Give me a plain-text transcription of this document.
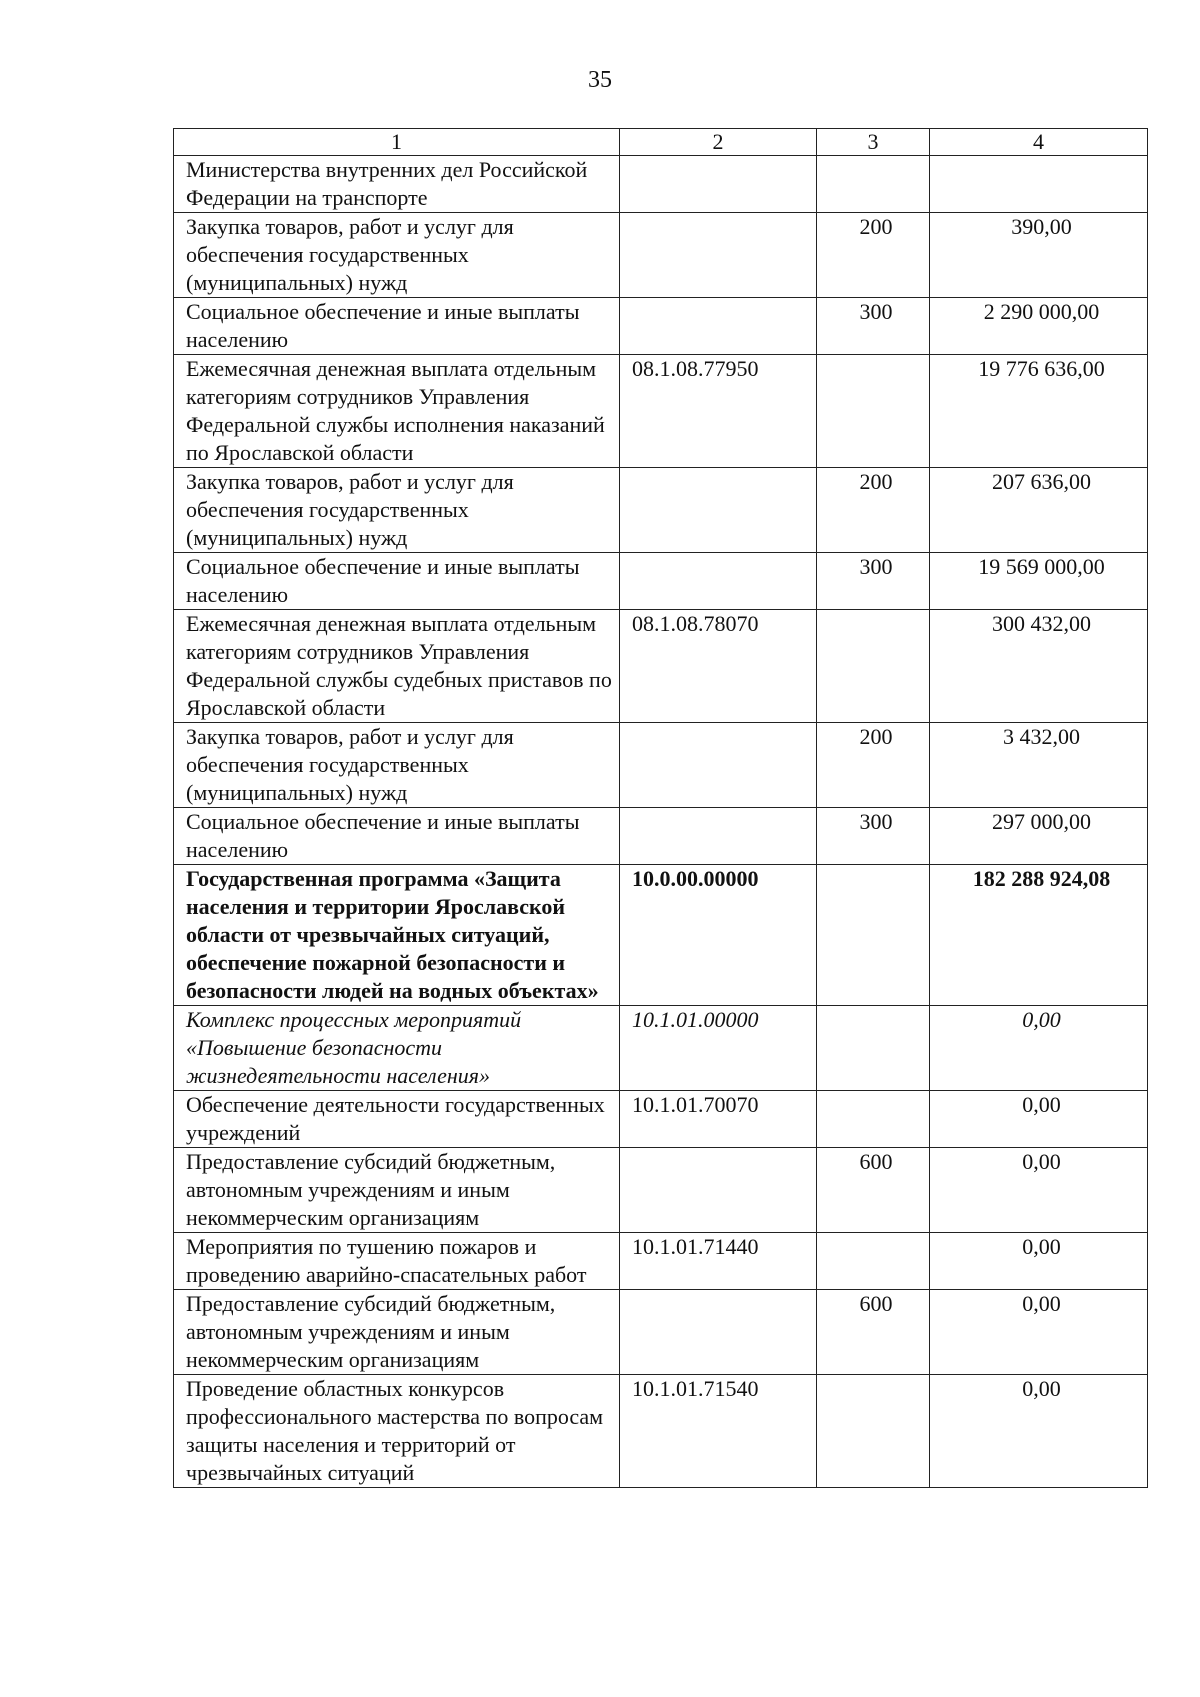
35
1	2	3	4
Министерства внутренних дел Российской Федерации на транспорте			
Закупка товаров, работ и услуг для обеспечения государственных (муниципальных) нужд		200	390,00
Социальное обеспечение и иные выплаты населению		300	2 290 000,00
Ежемесячная денежная выплата отдельным категориям сотрудников Управления Федеральной службы исполнения наказаний по Ярославской области	08.1.08.77950		19 776 636,00
Закупка товаров, работ и услуг для обеспечения государственных (муниципальных) нужд		200	207 636,00
Социальное обеспечение и иные выплаты населению		300	19 569 000,00
Ежемесячная денежная выплата отдельным категориям сотрудников Управления Федеральной службы судебных приставов по Ярославской области	08.1.08.78070		300 432,00
Закупка товаров, работ и услуг для обеспечения государственных (муниципальных) нужд		200	3 432,00
Социальное обеспечение и иные выплаты населению		300	297 000,00
Государственная программа «Защита населения и территории Ярославской области от чрезвычайных ситуаций, обеспечение пожарной безопасности и безопасности людей на водных объектах»	10.0.00.00000		182 288 924,08
Комплекс процессных мероприятий «Повышение безопасности жизнедеятельности населения»	10.1.01.00000		0,00
Обеспечение деятельности государственных учреждений	10.1.01.70070		0,00
Предоставление субсидий бюджетным, автономным учреждениям и иным некоммерческим организациям		600	0,00
Мероприятия по тушению пожаров и проведению аварийно-спасательных работ	10.1.01.71440		0,00
Предоставление субсидий бюджетным, автономным учреждениям и иным некоммерческим организациям		600	0,00
Проведение областных конкурсов профессионального мастерства по вопросам защиты населения и территорий от чрезвычайных ситуаций	10.1.01.71540		0,00
